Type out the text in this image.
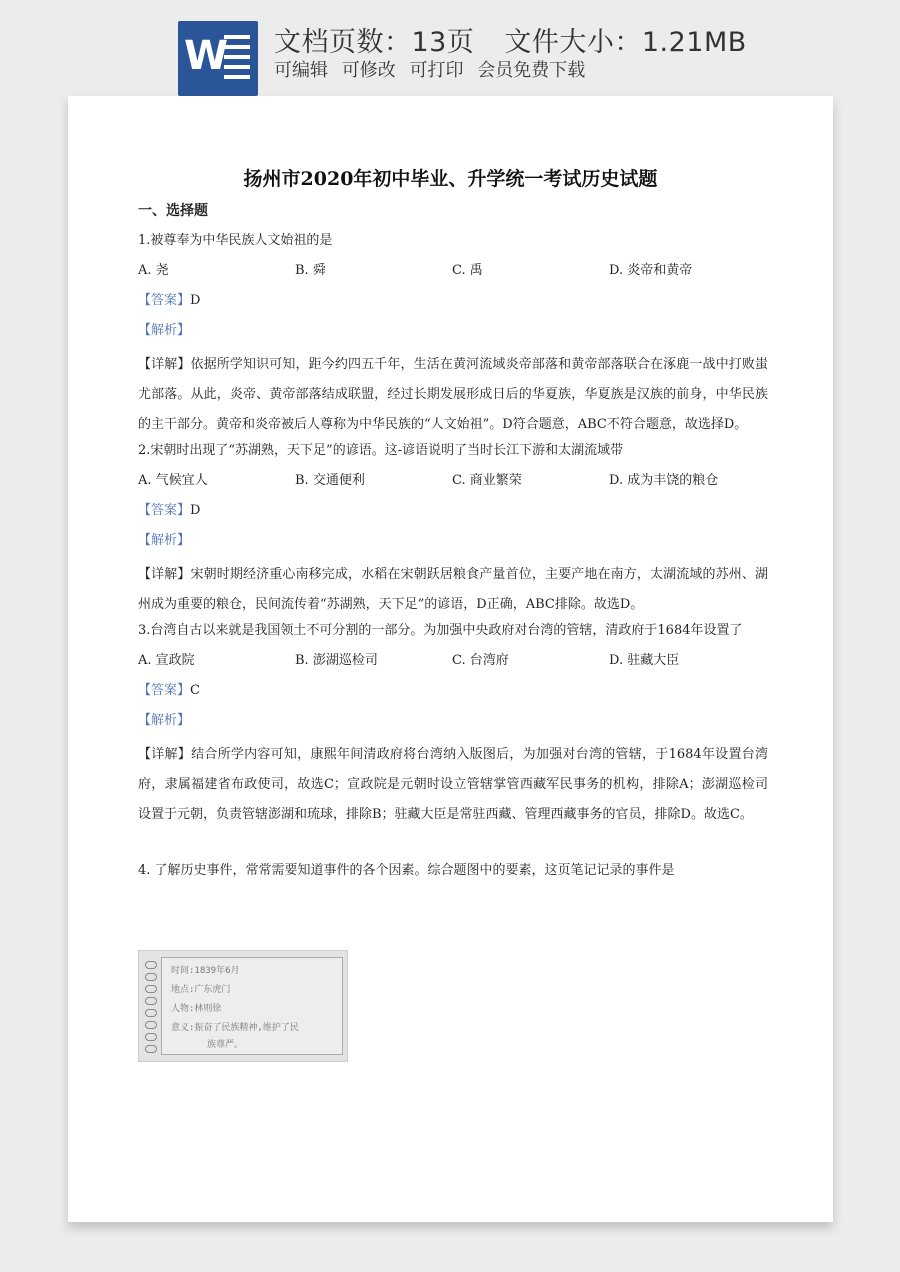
W 文档页数：13页 文件大小：1.21MB
可编辑 可修改 可打印 会员免费下载
扬州市2020年初中毕业、升学统一考试历史试题
一、选择题
1.被尊奉为中华民族人文始祖的是
A. 尧	B. 舜	C. 禹	D. 炎帝和黄帝
【答案】D
【解析】
【详解】依据所学知识可知，距今约四五千年，生活在黄河流域炎帝部落和黄帝部落联合在涿鹿一战中打败蚩尤部落。从此，炎帝、黄帝部落结成联盟，经过长期发展形成日后的华夏族，华夏族是汉族的前身，中华民族的主干部分。黄帝和炎帝被后人尊称为中华民族的“人文始祖”。D符合题意，ABC不符合题意，故选择D。
2.宋朝时出现了“苏湖熟，天下足”的谚语。这-谚语说明了当时长江下游和太湖流域带
A. 气候宜人	B. 交通便利	C. 商业繁荣	D. 成为丰饶的粮仓
【答案】D
【解析】
【详解】宋朝时期经济重心南移完成，水稻在宋朝跃居粮食产量首位，主要产地在南方，太湖流域的苏州、湖州成为重要的粮仓，民间流传着“苏湖熟，天下足”的谚语，D正确，ABC排除。故选D。
3.台湾自古以来就是我国领土不可分割的一部分。为加强中央政府对台湾的管辖，清政府于1684年设置了
A. 宣政院	B. 澎湖巡检司	C. 台湾府	D. 驻藏大臣
【答案】C
【解析】
【详解】结合所学内容可知，康熙年间清政府将台湾纳入版图后，为加强对台湾的管辖，于1684年设置台湾府，隶属福建省布政使司，故选C；宣政院是元朝时设立管辖掌管西藏军民事务的机构，排除A；澎湖巡检司设置于元朝，负责管辖澎湖和琉球，排除B；驻藏大臣是常驻西藏、管理西藏事务的官员，排除D。故选C。
4. 了解历史事件，常常需要知道事件的各个因素。综合题图中的要素，这页笔记记录的事件是
时间:1839年6月
地点:广东虎门
人物:林则徐
意义:振奋了民族精神,维护了民
族尊严。
